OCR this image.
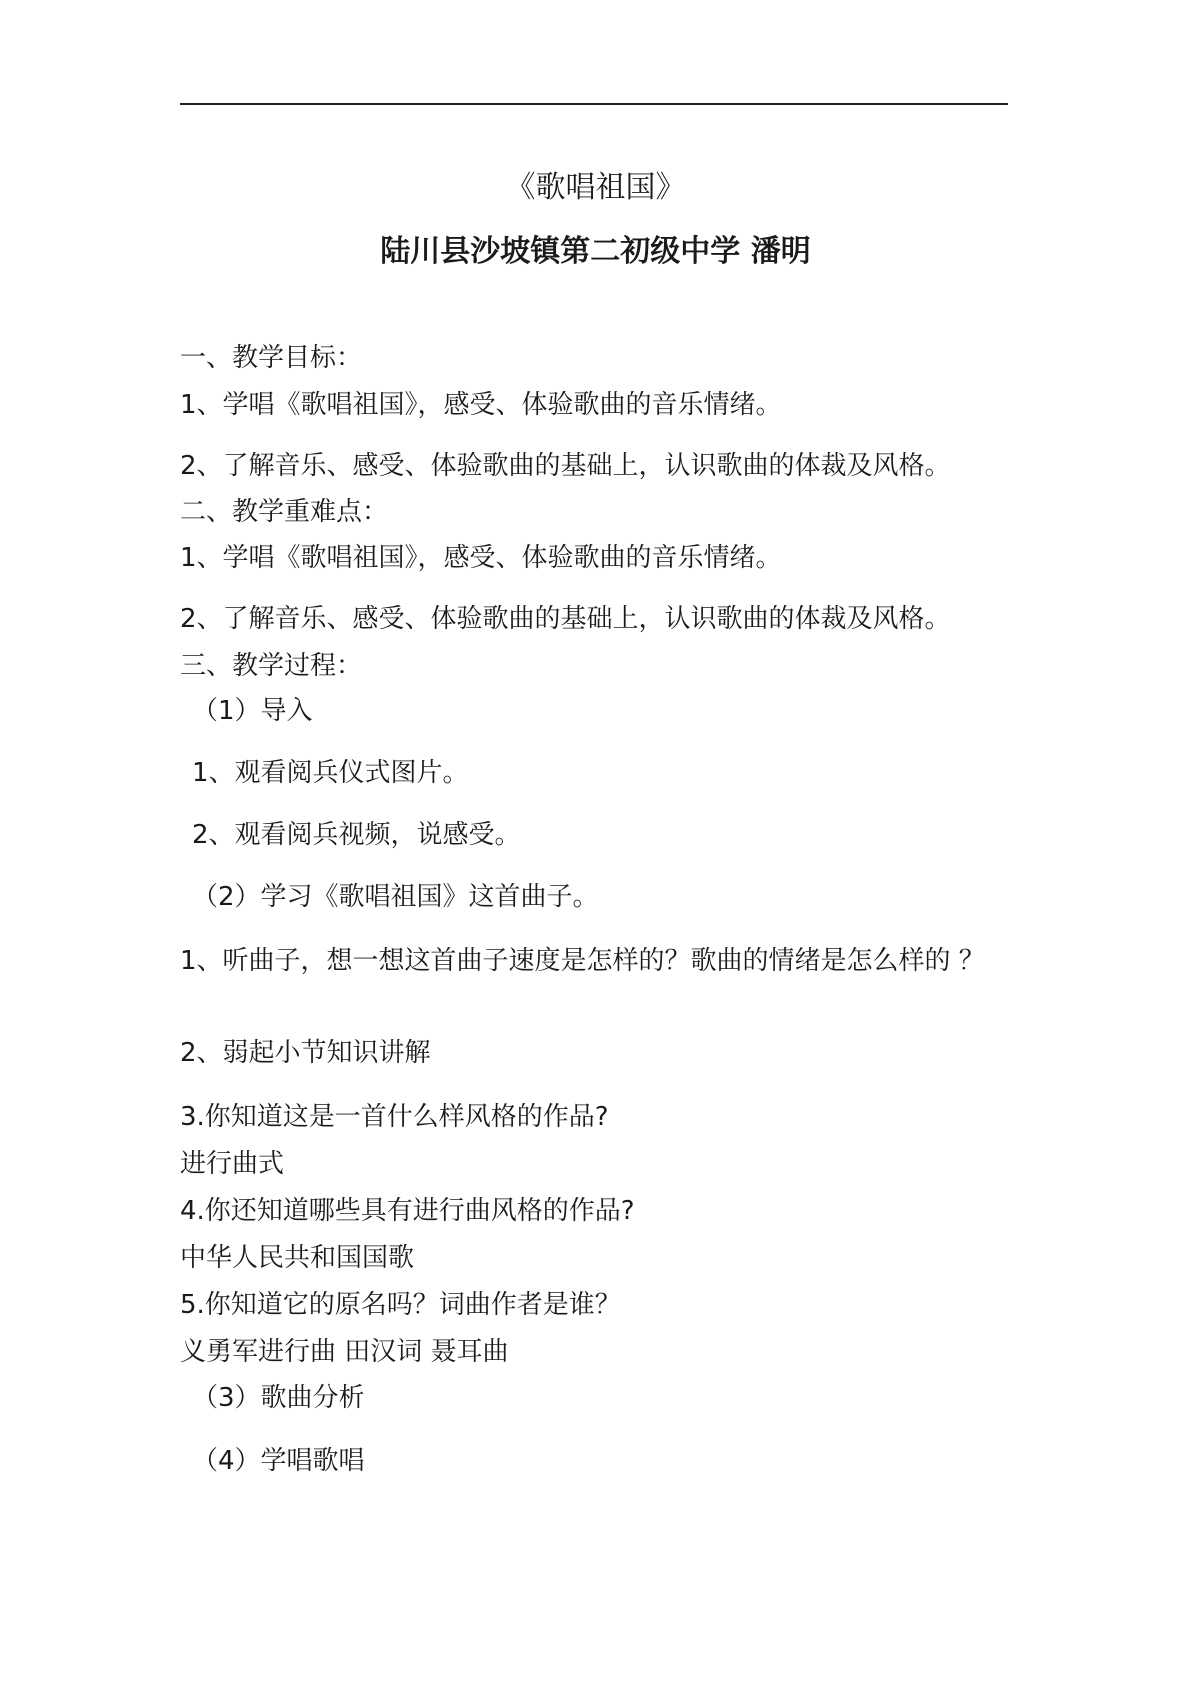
《歌唱祖国》
陆川县沙坡镇第二初级中学 潘明
一、教学目标：
1、学唱《歌唱祖国》，感受、体验歌曲的音乐情绪。
2、了解音乐、感受、体验歌曲的基础上，认识歌曲的体裁及风格。
二、教学重难点：
1、学唱《歌唱祖国》，感受、体验歌曲的音乐情绪。
2、了解音乐、感受、体验歌曲的基础上，认识歌曲的体裁及风格。
三、教学过程：
（1）导入
1、观看阅兵仪式图片。
2、观看阅兵视频，说感受。
（2）学习《歌唱祖国》这首曲子。
1、听曲子，想一想这首曲子速度是怎样的？歌曲的情绪是怎么样的 ？
2、弱起小节知识讲解
3.你知道这是一首什么样风格的作品?
进行曲式
4.你还知道哪些具有进行曲风格的作品?
中华人民共和国国歌
5.你知道它的原名吗？词曲作者是谁？
义勇军进行曲 田汉词 聂耳曲
（3）歌曲分析
（4）学唱歌唱
